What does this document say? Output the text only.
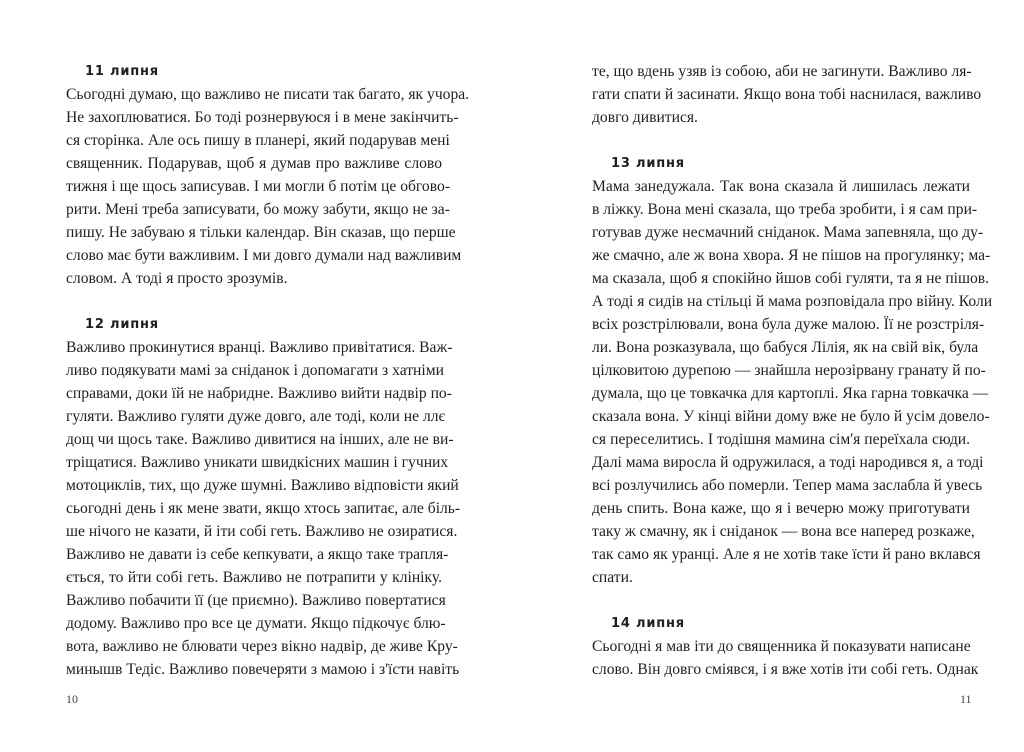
11 липня
Сьогодні думаю, що важливо не писати так багато, як учора.
Не захоплюватися. Бо тоді рознервуюся і в мене закінчить-
ся сторінка. Але ось пишу в планері, який подарував мені
священник. Подарував, щоб я думав про важливе слово
тижня і ще щось записував. І ми могли б потім це обгово-
рити. Мені треба записувати, бо можу забути, якщо не за-
пишу. Не забуваю я тільки календар. Він сказав, що перше
слово має бути важливим. І ми довго думали над важливим
словом. А тоді я просто зрозумів.
12 липня
Важливо прокинутися вранці. Важливо привітатися. Важ-
ливо подякувати мамі за сніданок і допомагати з хатніми
справами, доки їй не набридне. Важливо вийти надвір по-
гуляти. Важливо гуляти дуже довго, але тоді, коли не ллє
дощ чи щось таке. Важливо дивитися на інших, але не ви-
тріщатися. Важливо уникати швидкісних машин і гучних
мотоциклів, тих, що дуже шумні. Важливо відповісти який
сьогодні день і як мене звати, якщо хтось запитає, але біль-
ше нічого не казати, й іти собі геть. Важливо не озиратися.
Важливо не давати із себе кепкувати, а якщо таке трапля-
ється, то йти собі геть. Важливо не потрапити у клініку.
Важливо побачити її (це приємно). Важливо повертатися
додому. Важливо про все це думати. Якщо підкочує блю-
вота, важливо не блювати через вікно надвір, де живе Кру-
минышв Тедіс. Важливо повечеряти з мамою і з'їсти навіть
10
те, що вдень узяв із собою, аби не загинути. Важливо ля-
гати спати й засинати. Якщо вона тобі наснилася, важливо
довго дивитися.
13 липня
Мама занедужала. Так вона сказала й лишилась лежати
в ліжку. Вона мені сказала, що треба зробити, і я сам при-
готував дуже несмачний сніданок. Мама запевняла, що ду-
же смачно, але ж вона хвора. Я не пішов на прогулянку; ма-
ма сказала, щоб я спокійно йшов собі гуляти, та я не пішов.
А тоді я сидів на стільці й мама розповідала про війну. Коли
всіх розстрілювали, вона була дуже малою. Її не розстріля-
ли. Вона розказувала, що бабуся Лілія, як на свій вік, була
цілковитою дурепою — знайшла нерозірвану гранату й по-
думала, що це товкачка для картоплі. Яка гарна товкачка —
сказала вона. У кінці війни дому вже не було й усім довело-
ся переселитись. І тодішня мамина сім'я переїхала сюди.
Далі мама виросла й одружилася, а тоді народився я, а тоді
всі розлучились або померли. Тепер мама заслабла й увесь
день спить. Вона каже, що я і вечерю можу приготувати
таку ж смачну, як і сніданок — вона все наперед розкаже,
так само як уранці. Але я не хотів таке їсти й рано вклався
спати.
14 липня
Сьогодні я мав іти до священника й показувати написане
слово. Він довго сміявся, і я вже хотів іти собі геть. Однак
11
